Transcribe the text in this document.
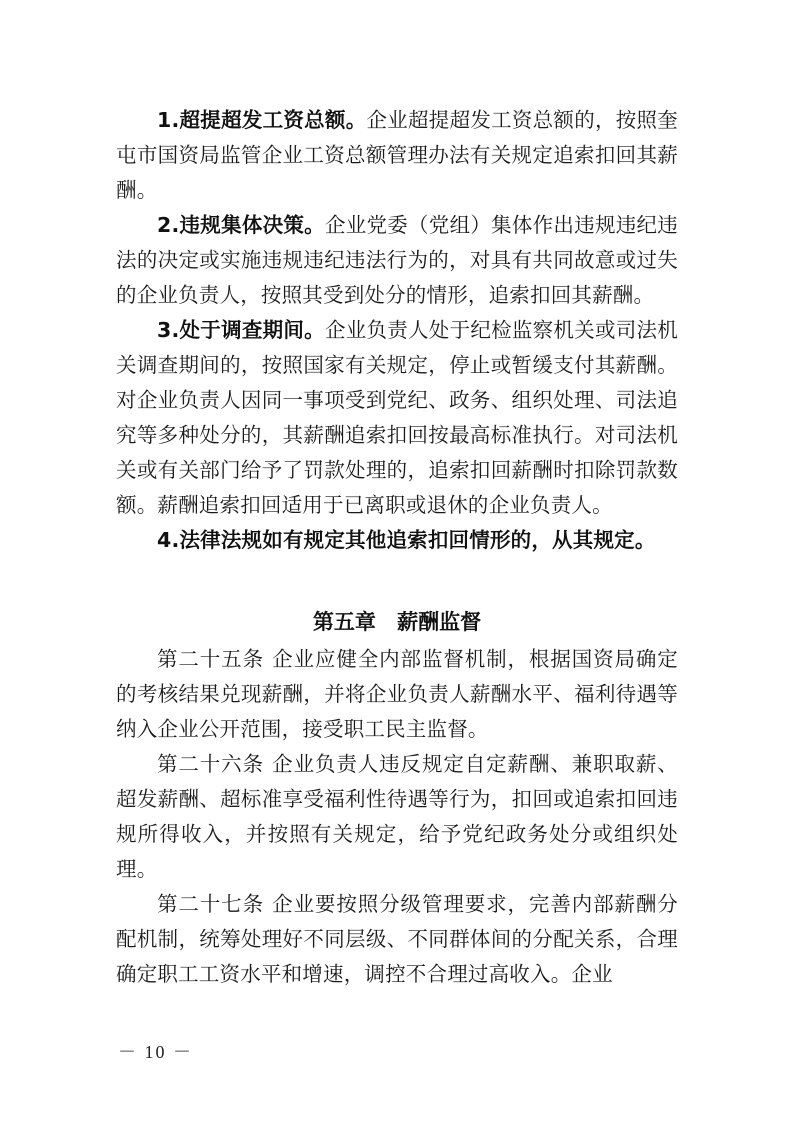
1.超提超发工资总额。企业超提超发工资总额的，按照奎屯市国资局监管企业工资总额管理办法有关规定追索扣回其薪酬。

2.违规集体决策。企业党委（党组）集体作出违规违纪违法的决定或实施违规违纪违法行为的，对具有共同故意或过失的企业负责人，按照其受到处分的情形，追索扣回其薪酬。

3.处于调查期间。企业负责人处于纪检监察机关或司法机关调查期间的，按照国家有关规定，停止或暂缓支付其薪酬。对企业负责人因同一事项受到党纪、政务、组织处理、司法追究等多种处分的，其薪酬追索扣回按最高标准执行。对司法机关或有关部门给予了罚款处理的，追索扣回薪酬时扣除罚款数额。薪酬追索扣回适用于已离职或退休的企业负责人。

4.法律法规如有规定其他追索扣回情形的，从其规定。

第五章 薪酬监督

第二十五条 企业应健全内部监督机制，根据国资局确定的考核结果兑现薪酬，并将企业负责人薪酬水平、福利待遇等纳入企业公开范围，接受职工民主监督。

第二十六条 企业负责人违反规定自定薪酬、兼职取薪、超发薪酬、超标准享受福利性待遇等行为，扣回或追索扣回违规所得收入，并按照有关规定，给予党纪政务处分或组织处理。

第二十七条 企业要按照分级管理要求，完善内部薪酬分配机制，统筹处理好不同层级、不同群体间的分配关系，合理确定职工工资水平和增速，调控不合理过高收入。企业

－ 10 －
